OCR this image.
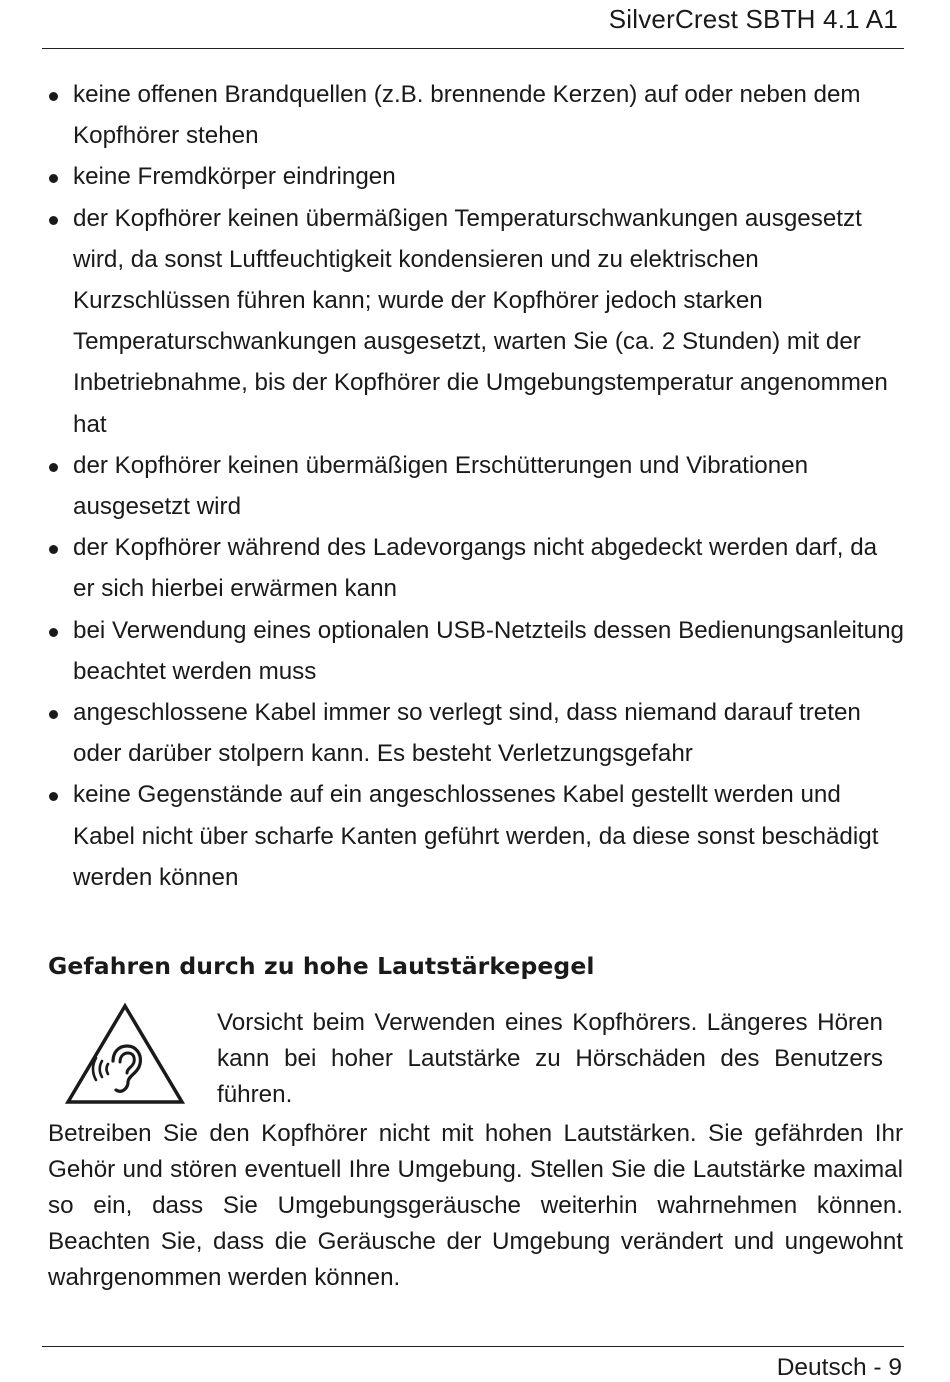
SilverCrest SBTH 4.1 A1
keine offenen Brandquellen (z.B. brennende Kerzen) auf oder neben dem Kopfhörer stehen
keine Fremdkörper eindringen
der Kopfhörer keinen übermäßigen Temperaturschwankungen ausgesetzt wird, da sonst Luftfeuchtigkeit kondensieren und zu elektrischen Kurzschlüssen führen kann; wurde der Kopfhörer jedoch starken Temperaturschwankungen ausgesetzt, warten Sie (ca. 2 Stunden) mit der Inbetriebnahme, bis der Kopfhörer die Umgebungstemperatur angenommen hat
der Kopfhörer keinen übermäßigen Erschütterungen und Vibrationen ausgesetzt wird
der Kopfhörer während des Ladevorgangs nicht abgedeckt werden darf, da er sich hierbei erwärmen kann
bei Verwendung eines optionalen USB-Netzteils dessen Bedienungsanleitung beachtet werden muss
angeschlossene Kabel immer so verlegt sind, dass niemand darauf treten oder darüber stolpern kann. Es besteht Verletzungsgefahr
keine Gegenstände auf ein angeschlossenes Kabel gestellt werden und Kabel nicht über scharfe Kanten geführt werden, da diese sonst beschädigt werden können
Gefahren durch zu hohe Lautstärkepegel

Vorsicht beim Verwenden eines Kopfhörers. Längeres Hören kann bei hoher Lautstärke zu Hörschäden des Benutzers führen.

Betreiben Sie den Kopfhörer nicht mit hohen Lautstärken. Sie gefährden Ihr Gehör und stören eventuell Ihre Umgebung. Stellen Sie die Lautstärke maximal so ein, dass Sie Umgebungsgeräusche weiterhin wahrnehmen können. Beachten Sie, dass die Geräusche der Umgebung verändert und ungewohnt wahrgenommen werden können.

Deutsch - 9
